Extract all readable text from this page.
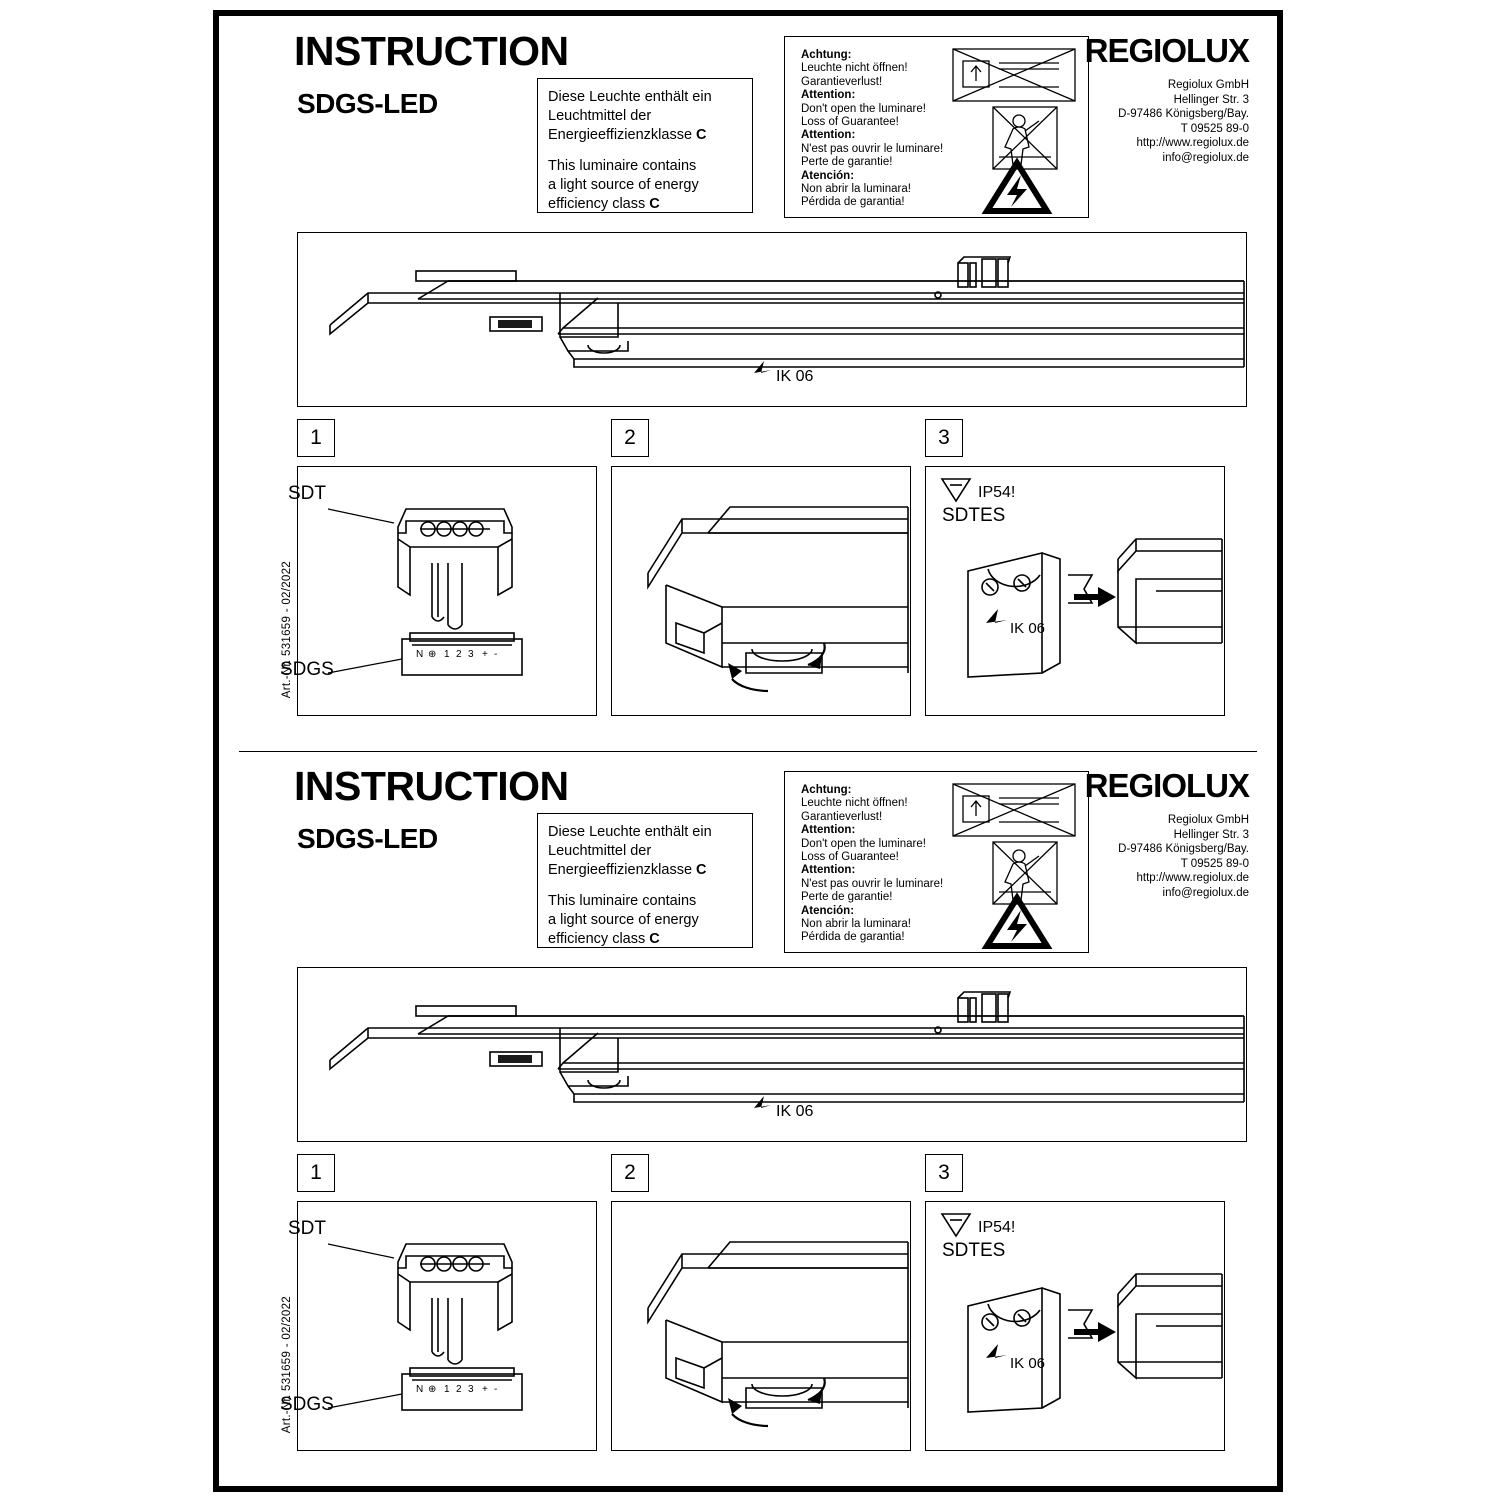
INSTRUCTION
SDGS-LED	Diese Leuchte enthält ein
Leuchtmittel der
Energieeffizienzklasse C
This luminaire contains
a light source of energy
efficiency class C
Achtung:
Leuchte nicht öffnen!
Garantieverlust!
Attention:
Don't open the luminare!
Loss of Guarantee!
Attention:
N'est pas ouvrir le luminare!
Perte de garantie!
Atención:
Non abrir la luminara!
Pérdida de garantia!
REGIOLUX
Regiolux GmbH
Hellinger Str. 3
D-97486 Königsberg/Bay.
T 09525 89-0
http://www.regiolux.de
info@regiolux.de
IK 06
1	2	3
Art.-Nr. 531659 - 02/2022	N ⊕ 1 2 3 + -
SDT
SDGS
IP54!
IK 06
SDTES
INSTRUCTION
SDGS-LED	Diese Leuchte enthält ein
Leuchtmittel der
Energieeffizienzklasse C
This luminaire contains
a light source of energy
efficiency class C
Achtung:
Leuchte nicht öffnen!
Garantieverlust!
Attention:
Don't open the luminare!
Loss of Guarantee!
Attention:
N'est pas ouvrir le luminare!
Perte de garantie!
Atención:
Non abrir la luminara!
Pérdida de garantia!
REGIOLUX
Regiolux GmbH
Hellinger Str. 3
D-97486 Königsberg/Bay.
T 09525 89-0
http://www.regiolux.de
info@regiolux.de
IK 06
1	2	3
Art.-Nr. 531659 - 02/2022	N ⊕ 1 2 3 + -
SDT
SDGS
IP54!
IK 06
SDTES
